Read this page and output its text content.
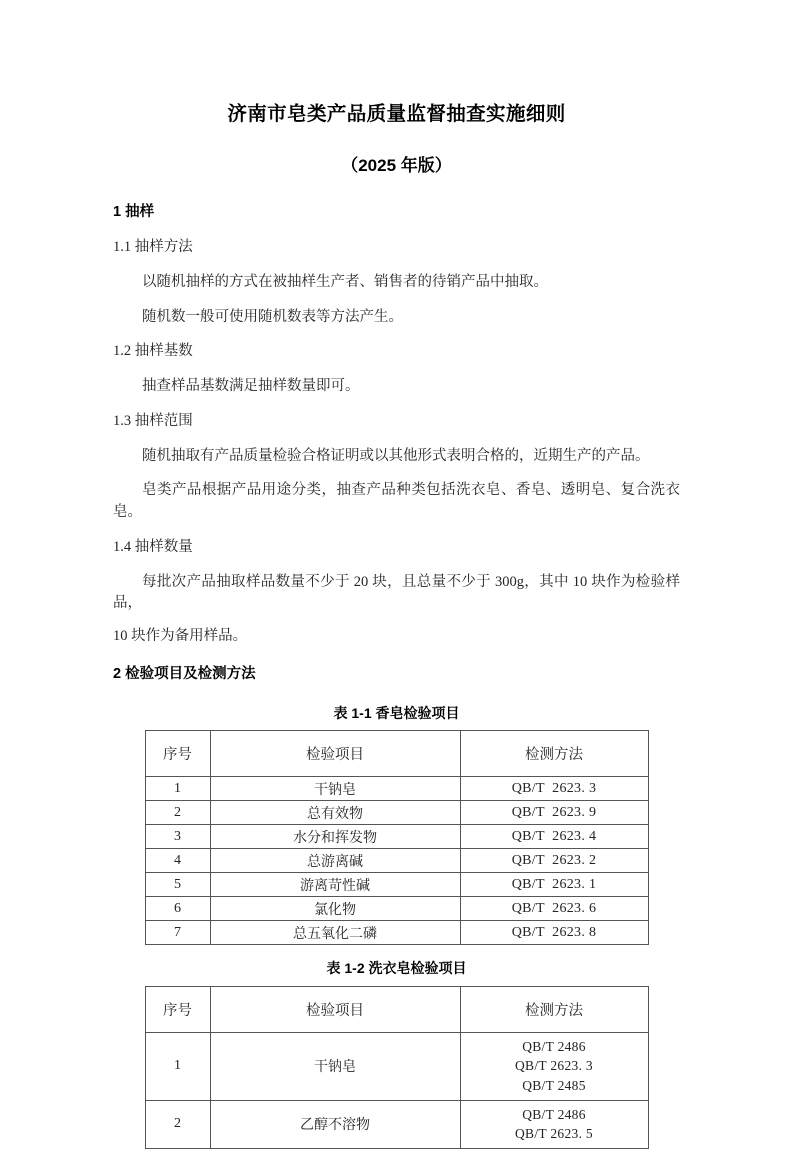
济南市皂类产品质量监督抽查实施细则
（2025 年版）
1 抽样
1.1 抽样方法

以随机抽样的方式在被抽样生产者、销售者的待销产品中抽取。

随机数一般可使用随机数表等方法产生。

1.2 抽样基数

抽查样品基数满足抽样数量即可。

1.3 抽样范围

随机抽取有产品质量检验合格证明或以其他形式表明合格的，近期生产的产品。

皂类产品根据产品用途分类，抽查产品种类包括洗衣皂、香皂、透明皂、复合洗衣皂。

1.4 抽样数量

每批次产品抽取样品数量不少于 20 块，且总量不少于 300g，其中 10 块作为检验样品，

10 块作为备用样品。

2 检验项目及检测方法
表 1-1 香皂检验项目
序号	检验项目	检测方法
1	干钠皂	QB/T  2623. 3
2	总有效物	QB/T  2623. 9
3	水分和挥发物	QB/T  2623. 4
4	总游离碱	QB/T  2623. 2
5	游离苛性碱	QB/T  2623. 1
6	氯化物	QB/T  2623. 6
7	总五氧化二磷	QB/T  2623. 8
表 1-2 洗衣皂检验项目
序号	检验项目	检测方法
1	干钠皂	QB/T 2486
QB/T 2623. 3
QB/T 2485

2	乙醇不溶物	QB/T 2486
QB/T 2623. 5
